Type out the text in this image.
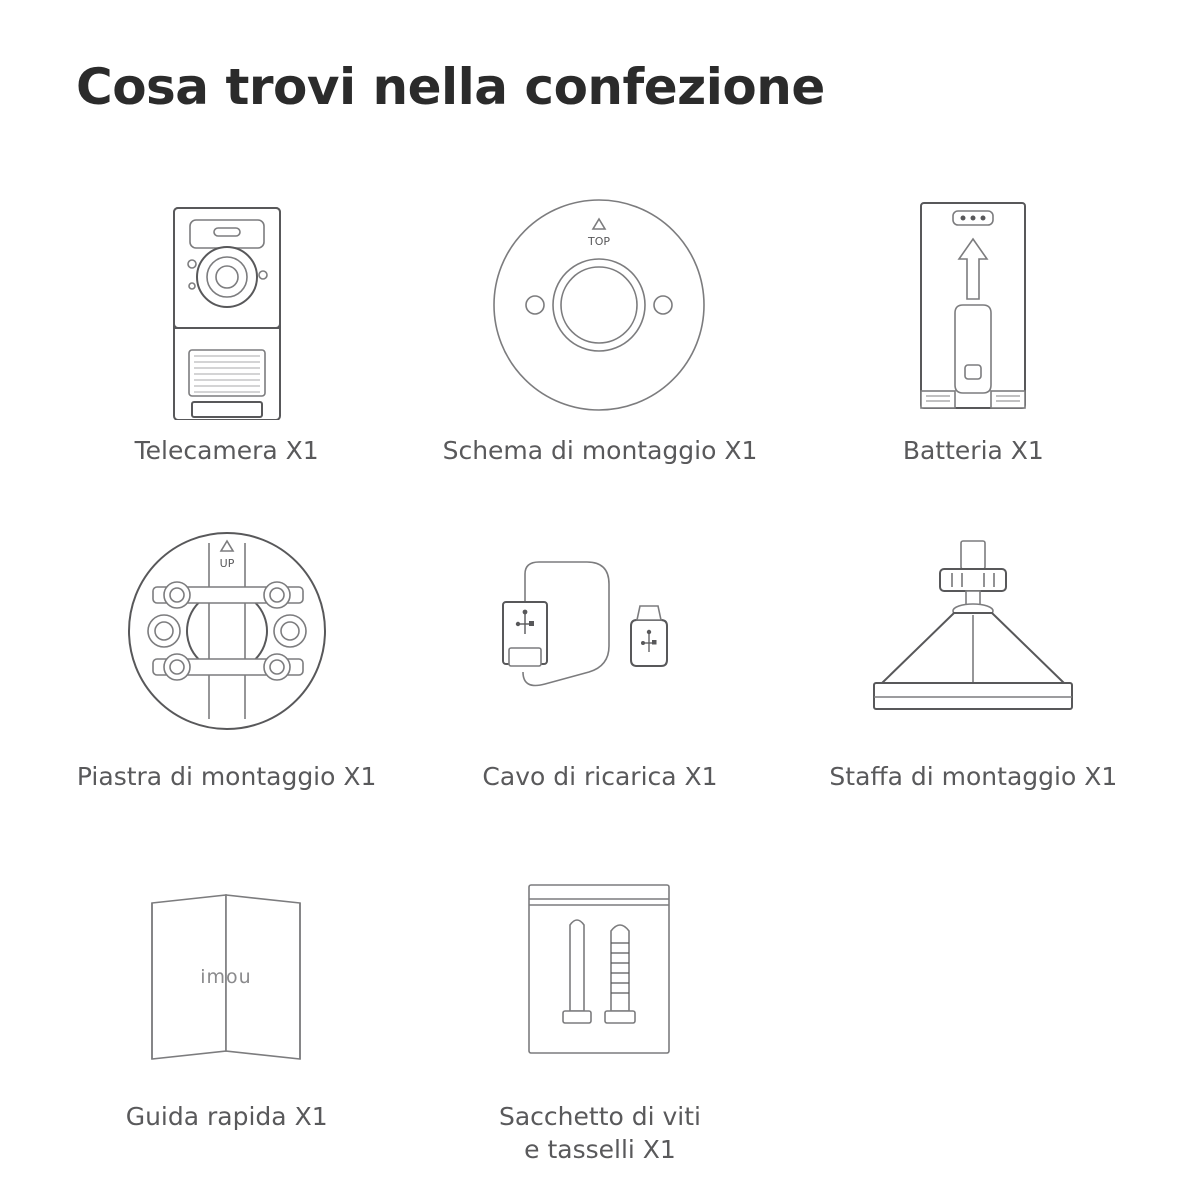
Cosa trovi nella confezione
Telecamera X1
TOP
Schema di montaggio X1	Batteria X1
UP
Piastra di montaggio X1	Cavo di ricarica X1	Staffa di montaggio X1
imou
Guida rapida X1	Sacchetto di viti
e tasselli X1
